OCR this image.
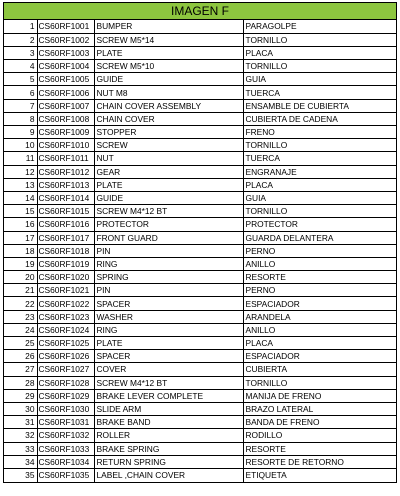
IMAGEN F
1	CS60RF1001	BUMPER	PARAGOLPE
2	CS60RF1002	SCREW M5*14	TORNILLO
3	CS60RF1003	PLATE	PLACA
4	CS60RF1004	SCREW M5*10	TORNILLO
5	CS60RF1005	GUIDE	GUIA
6	CS60RF1006	NUT M8	TUERCA
7	CS60RF1007	CHAIN COVER ASSEMBLY	ENSAMBLE DE CUBIERTA
8	CS60RF1008	CHAIN COVER	CUBIERTA DE CADENA
9	CS60RF1009	STOPPER	FRENO
10	CS60RF1010	SCREW	TORNILLO
11	CS60RF1011	NUT	TUERCA
12	CS60RF1012	GEAR	ENGRANAJE
13	CS60RF1013	PLATE	PLACA
14	CS60RF1014	GUIDE	GUIA
15	CS60RF1015	SCREW M4*12 BT	TORNILLO
16	CS60RF1016	PROTECTOR	PROTECTOR
17	CS60RF1017	FRONT GUARD	GUARDA DELANTERA
18	CS60RF1018	PIN	PERNO
19	CS60RF1019	RING	ANILLO
20	CS60RF1020	SPRING	RESORTE
21	CS60RF1021	PIN	PERNO
22	CS60RF1022	SPACER	ESPACIADOR
23	CS60RF1023	WASHER	ARANDELA
24	CS60RF1024	RING	ANILLO
25	CS60RF1025	PLATE	PLACA
26	CS60RF1026	SPACER	ESPACIADOR
27	CS60RF1027	COVER	CUBIERTA
28	CS60RF1028	SCREW M4*12 BT	TORNILLO
29	CS60RF1029	BRAKE LEVER COMPLETE	MANIJA DE FRENO
30	CS60RF1030	SLIDE ARM	BRAZO LATERAL
31	CS60RF1031	BRAKE BAND	BANDA DE FRENO
32	CS60RF1032	ROLLER	RODILLO
33	CS60RF1033	BRAKE SPRING	RESORTE
34	CS60RF1034	RETURN SPRING	RESORTE DE RETORNO
35	CS60RF1035	LABEL ,CHAIN COVER	ETIQUETA
